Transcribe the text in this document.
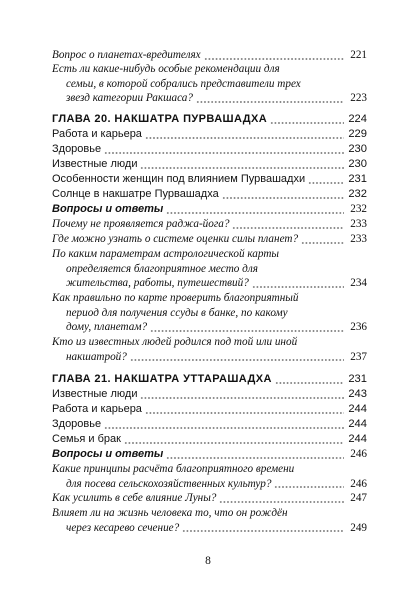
Вопрос о планетах-вредителях	221
Есть ли какие-нибудь особые рекомендации для
семьи, в которой собрались представители трех
звезд категории Ракшаса?	223
ГЛАВА 20. НАКШАТРА ПУРВАШАДХА	224
Работа и карьера	229
Здоровье	230
Известные люди	230
Особенности женщин под влиянием Пурвашадхи	231
Солнце в накшатре Пурвашадха	232
Вопросы и ответы	232
Почему не проявляется раджа-йога?	233
Где можно узнать о системе оценки силы планет?	233
По каким параметрам астрологической карты
определяется благоприятное место для
жительства, работы, путешествий?	234
Как правильно по карте проверить благоприятный
период для получения ссуды в банке, по какому
дому, планетам?	236
Кто из известных людей родился под той или иной
накшатрой?	237
ГЛАВА 21. НАКШАТРА УТТАРАШАДХА	231
Известные люди	243
Работа и карьера	244
Здоровье	244
Семья и брак	244
Вопросы и ответы	246
Какие принципы расчёта благоприятного времени
для посева сельскохозяйственных культур?	246
Как усилить в себе влияние Луны?	247
Влияет ли на жизнь человека то, что он рождён
через кесарево сечение?	249
8
